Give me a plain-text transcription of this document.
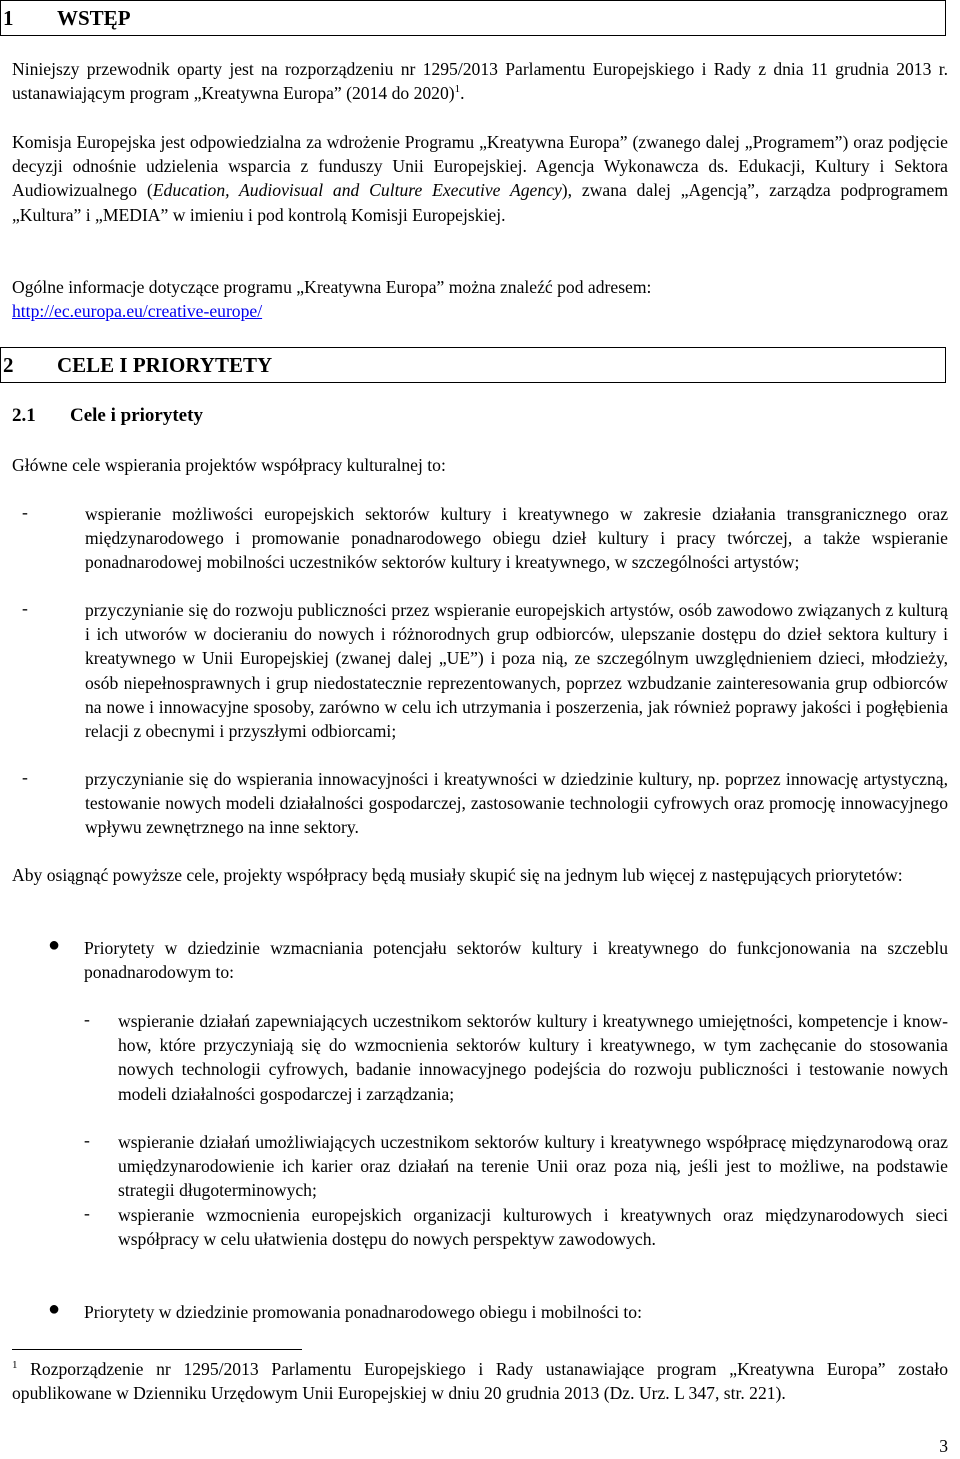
1 WSTĘP
Niniejszy przewodnik oparty jest na rozporządzeniu nr 1295/2013 Parlamentu Europejskiego i Rady z dnia 11 grudnia 2013 r. ustanawiającym program „Kreatywna Europa” (2014 do 2020)$^1$.
Komisja Europejska jest odpowiedzialna za wdrożenie Programu „Kreatywna Europa” (zwanego dalej „Programem”) oraz podjęcie decyzji odnośnie udzielenia wsparcia z funduszy Unii Europejskiej. Agencja Wykonawcza ds. Edukacji, Kultury i Sektora Audiowizualnego (Education, Audiovisual and Culture Executive Agency), zwana dalej „Agencją”, zarządza podprogramem „Kultura” i „MEDIA” w imieniu i pod kontrolą Komisji Europejskiej.
Ogólne informacje dotyczące programu „Kreatywna Europa” można znaleźć pod adresem:
http://ec.europa.eu/creative-europe/
2 CELE I PRIORYTETY
2.1 Cele i priorytety
Główne cele wspierania projektów współpracy kulturalnej to:
-	wspieranie możliwości europejskich sektorów kultury i kreatywnego w zakresie działania transgranicznego oraz międzynarodowego i promowanie ponadnarodowego obiegu dzieł kultury i pracy twórczej, a także wspieranie ponadnarodowej mobilności uczestników sektorów kultury i kreatywnego, w szczególności artystów;
-	przyczynianie się do rozwoju publiczności przez wspieranie europejskich artystów, osób zawodowo związanych z kulturą i ich utworów w docieraniu do nowych i różnorodnych grup odbiorców, ulepszanie dostępu do dzieł sektora kultury i kreatywnego w Unii Europejskiej (zwanej dalej „UE”) i poza nią, ze szczególnym uwzględnieniem dzieci, młodzieży, osób niepełnosprawnych i grup niedostatecznie reprezentowanych, poprzez wzbudzanie zainteresowania grup odbiorców na nowe i innowacyjne sposoby, zarówno w celu ich utrzymania i poszerzenia, jak również poprawy jakości i pogłębienia relacji z obecnymi i przyszłymi odbiorcami;
-	przyczynianie się do wspierania innowacyjności i kreatywności w dziedzinie kultury, np. poprzez innowację artystyczną, testowanie nowych modeli działalności gospodarczej, zastosowanie technologii cyfrowych oraz promocję innowacyjnego wpływu zewnętrznego na inne sektory.
Aby osiągnąć powyższe cele, projekty współpracy będą musiały skupić się na jednym lub więcej z następujących priorytetów:
● Priorytety w dziedzinie wzmacniania potencjału sektorów kultury i kreatywnego do funkcjonowania na szczeblu ponadnarodowym to:
- wspieranie działań zapewniających uczestnikom sektorów kultury i kreatywnego umiejętności, kompetencje i know-how, które przyczyniają się do wzmocnienia sektorów kultury i kreatywnego, w tym zachęcanie do stosowania nowych technologii cyfrowych, badanie innowacyjnego podejścia do rozwoju publiczności i testowanie nowych modeli działalności gospodarczej i zarządzania;
- wspieranie działań umożliwiających uczestnikom sektorów kultury i kreatywnego współpracę międzynarodową oraz umiędzynarodowienie ich karier oraz działań na terenie Unii oraz poza nią, jeśli jest to możliwe, na podstawie strategii długoterminowych;
- wspieranie wzmocnienia europejskich organizacji kulturowych i kreatywnych oraz międzynarodowych sieci współpracy w celu ułatwienia dostępu do nowych perspektyw zawodowych.
● Priorytety w dziedzinie promowania ponadnarodowego obiegu i mobilności to:
$^1$ Rozporządzenie nr 1295/2013 Parlamentu Europejskiego i Rady ustanawiające program „Kreatywna Europa” zostało opublikowane w Dzienniku Urzędowym Unii Europejskiej w dniu 20 grudnia 2013 (Dz. Urz. L 347, str. 221).
3
